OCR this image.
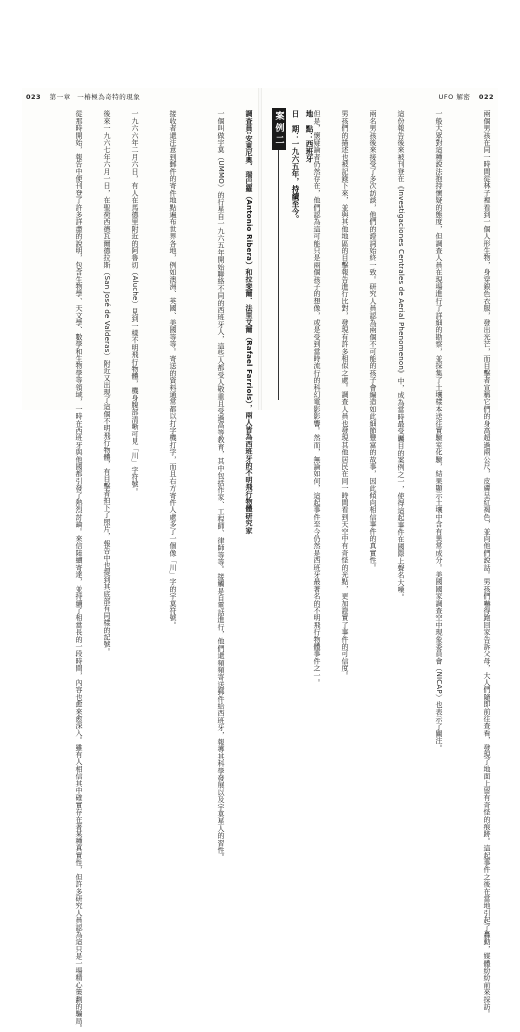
023 第一章 一樁極為奇特的現象
調查員:安東尼奧．瑞巴羅（Antonio Ribera）和拉斐爾．法里艾爾（Rafael Farriols），兩人皆為西班牙的不明飛行物體研究家
一個叫做宇莫（UMMO）的行星自一九六五年開始聯絡不同的西班牙人，這些人都受人敬重且受過高等教育，其中包括作家、工程師、律師等等。接觸是自電話進行，他們還頻頻寄送郵件給西班牙，報導其科學發展以及宇莫星人的習性。
接收者還注意到郵件的寄件地點遍布世界各地，例如澳洲、英國、美國等等。寄送的資料通常都以打字機打字，而且右方寄件人處多了一個像「川」字的宇莫符號。
一九六六年二月六日，有人在馬德里附近的阿魯切（Aluche）見到一樣不明飛行物體，機身腹部清晰可見「川」字符號。
後來一九六七年六月一日，在聖荷西德瓦爾德拉斯（San José de Valderas）附近又出現了這個不明飛行物體，有目擊者拍下了照片，報告中也提到其底部有同樣的記號。
從那時開始，報告中便刊登了許多詳盡的說明，包含生物學、天文學、數學和生物學等領域，一時在西班牙與他國都引發了熱烈討論。來信陸續寄達，並持續了相當長的一段時間，內容也愈來愈深入。雖有人相信其中確實存在著某種真實性，但許多研究人員認為這只是一場精心策劃的騙局。
UFO 解密 022
兩個男孩在同一時間從林子裡看到一個人形生物，身穿銀色衣服，發出光芒，而目擊者宣稱它們的身高超過兩公尺，皮膚呈紅褐色，並向他們說話。男孩們嚇得跑回家告訴父母，大人們隨即前往查看，發現了地面上留有奇怪的痕跡。這起事件之後在當地引起了轟動，媒體紛紛前來採訪。
一般大眾對這種說法抱持懷疑的態度，但調查人員在現場進行了詳細的勘察，並採集了土壤樣本送往實驗室化驗，結果顯示土壤中含有異常成分。美國國家調查空中現象委員會（NICAP）也表示了關注。
這份報告後來被刊登在《Investigaciones Centrales de Aerial Phenomenon》中，成為當時最受矚目的案例之一，使得這起事件在國際上聲名大噪。
兩名男孩後來接受了多次訪談，他們的證詞始終一致。研究人員認為兩個不可能的孩子會編造如此細節豐富的故事，因此傾向相信事件的真實性。
男孩們的描述也被記錄下來，並與其他地區的目擊報告進行比對，發現有許多相似之處。調查人員也發現其他居民在同一時間看到天空中有奇怪的光點，更加證實了事件的可信度。
但是，懷疑論者仍然存在，他們認為這可能只是兩個孩子的想像，或是受到當時流行的科幻電影影響。然而，無論如何，這起事件至今仍然是西班牙最著名的不明飛行物體事件之一。
日　期：一九六五年，持續至今。 地　點：西班牙
案例二
